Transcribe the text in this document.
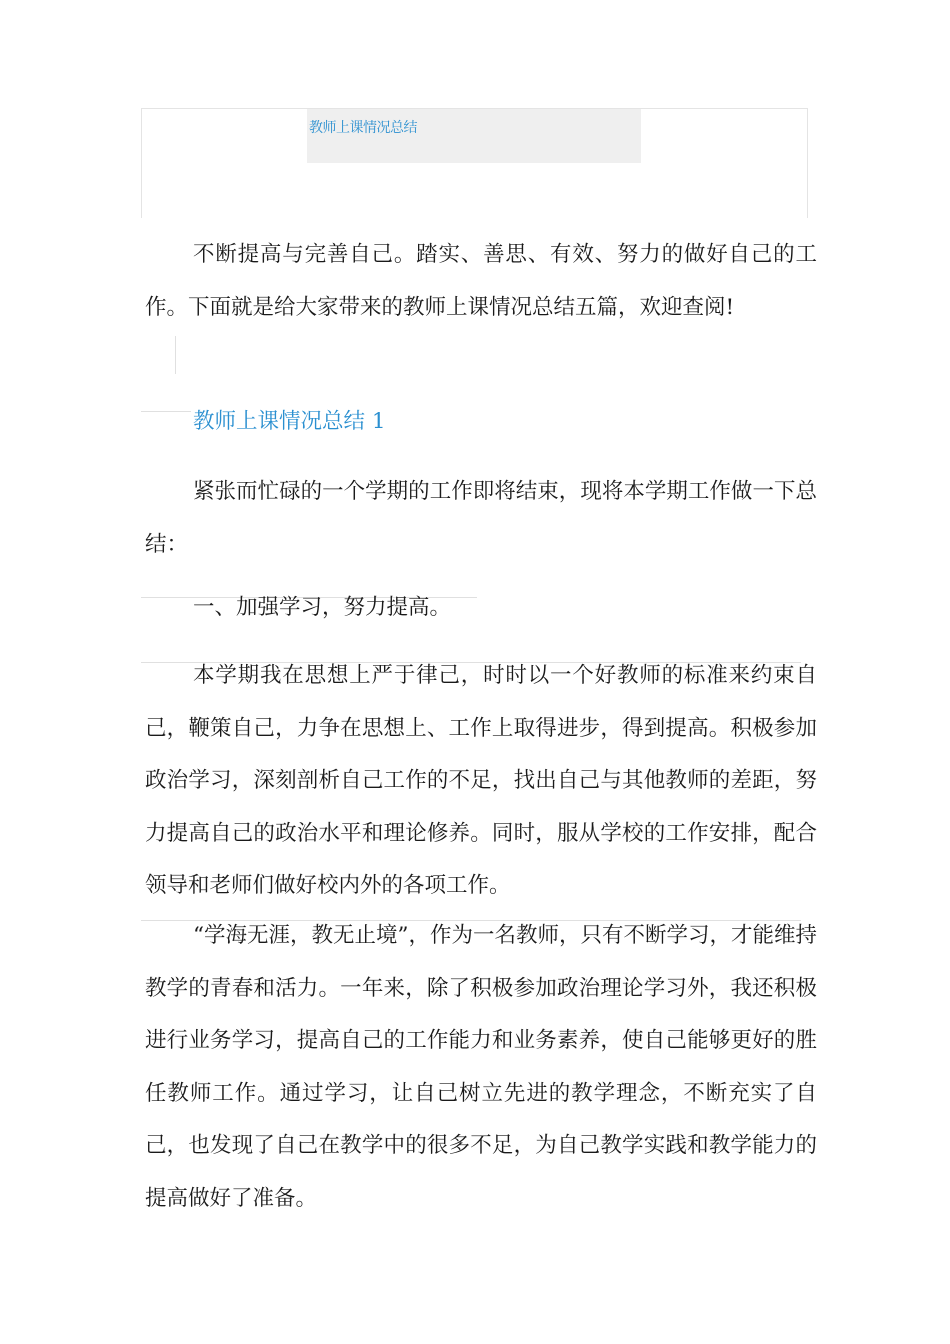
教师上课情况总结

不断提高与完善自己。踏实、善思、有效、努力的做好自己的工作。下面就是给大家带来的教师上课情况总结五篇，欢迎查阅!

教师上课情况总结 1

紧张而忙碌的一个学期的工作即将结束，现将本学期工作做一下总结：

一、加强学习，努力提高。

本学期我在思想上严于律己，时时以一个好教师的标准来约束自己，鞭策自己，力争在思想上、工作上取得进步，得到提高。积极参加政治学习，深刻剖析自己工作的不足，找出自己与其他教师的差距，努力提高自己的政治水平和理论修养。同时，服从学校的工作安排，配合领导和老师们做好校内外的各项工作。

“学海无涯，教无止境”，作为一名教师，只有不断学习，才能维持教学的青春和活力。一年来，除了积极参加政治理论学习外，我还积极进行业务学习，提高自己的工作能力和业务素养，使自己能够更好的胜任教师工作。通过学习，让自己树立先进的教学理念，不断充实了自己，也发现了自己在教学中的很多不足，为自己教学实践和教学能力的提高做好了准备。
